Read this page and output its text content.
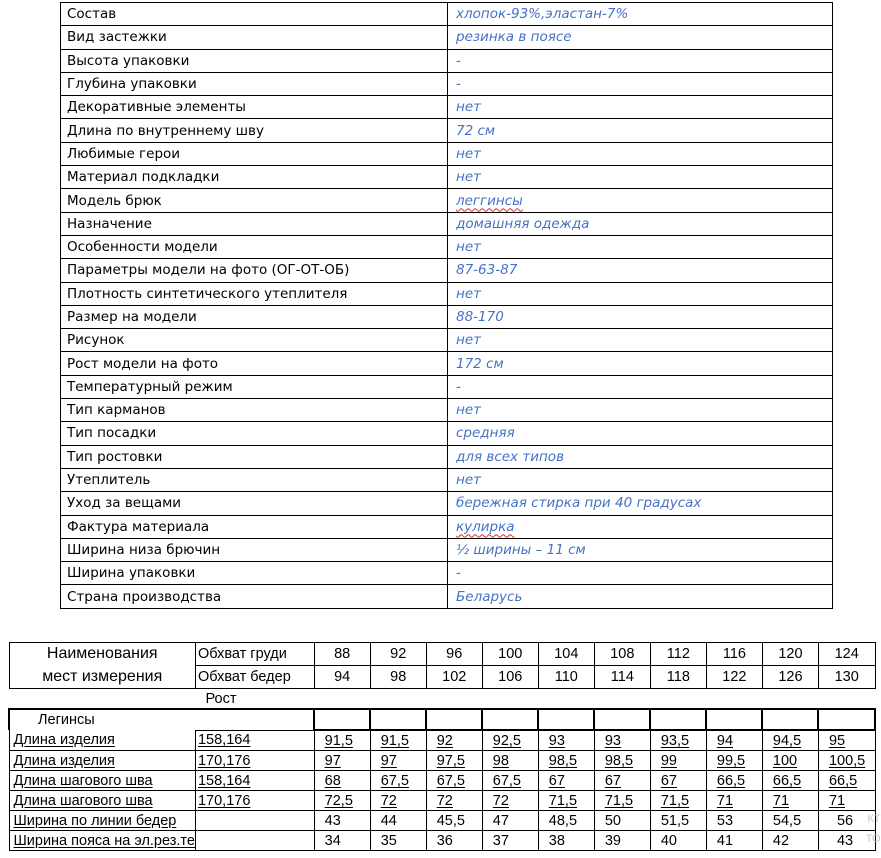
Состав	хлопок-93%,эластан-7%
Вид застежки	резинка в поясе
Высота упаковки	-
Глубина упаковки	-
Декоративные элементы	нет
Длина по внутреннему шву	72 см
Любимые герои	нет
Материал подкладки	нет
Модель брюк	леггинсы
Назначение	домашняя одежда
Особенности модели	нет
Параметры модели на фото (ОГ-ОТ-ОБ)	87-63-87
Плотность синтетического утеплителя	нет
Размер на модели	88-170
Рисунок	нет
Рост модели на фото	172 см
Температурный режим	-
Тип карманов	нет
Тип посадки	средняя
Тип ростовки	для всех типов
Утеплитель	нет
Уход за вещами	бережная стирка при 40 градусах
Фактура материала	кулирка
Ширина низа брючин	½ ширины – 11 см
Ширина упаковки	-
Страна производства	Беларусь
Наименования	Обхват груди	88	92	96	100	104	108	112	116	120	124
мест измерения	Обхват бедер	94	98	102	106	110	114	118	122	126	130
	Рост										
Легинсы											
Длина изделия	158,164	91,5	91,5	92	92,5	93	93	93,5	94	94,5	95
Длина изделия	170,176	97	97	97,5	98	98,5	98,5	99	99,5	100	100,5
Длина шагового шва	158,164	68	67,5	67,5	67,5	67	67	67	66,5	66,5	66,5
Длина шагового шва	170,176	72,5	72	72	72	71,5	71,5	71,5	71	71	71
Ширина по линии бедер		43	44	45,5	47	48,5	50	51,5	53	54,5	56 КТ

Ширина пояса на эл.рез.те		34	35	36	37	38	39	40	41	42	43 ТО
